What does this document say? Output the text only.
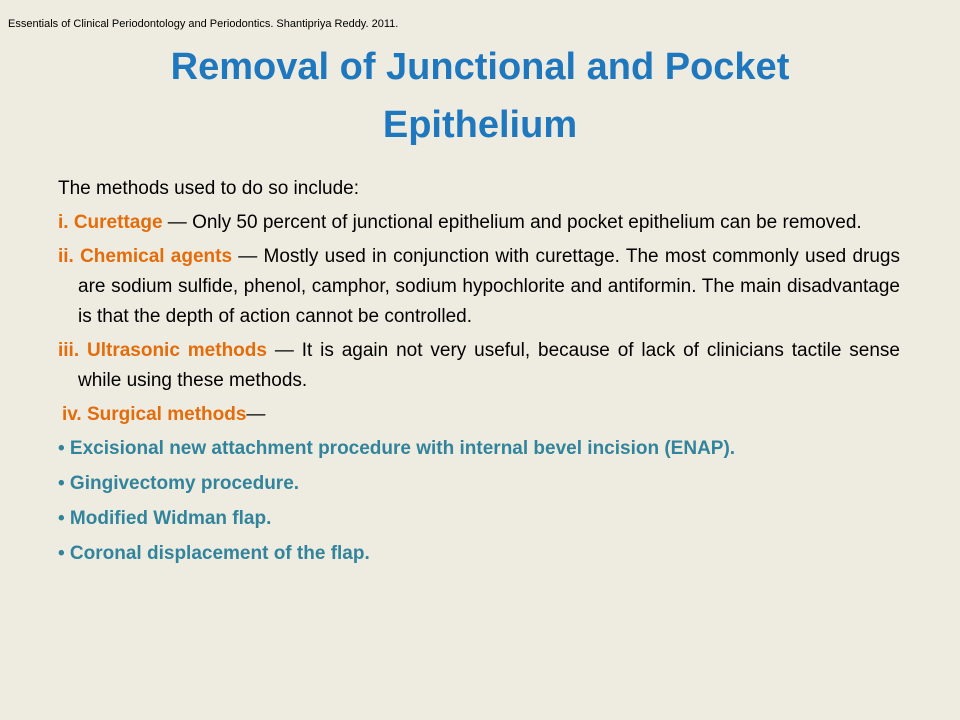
Essentials of Clinical Periodontology and Periodontics. Shantipriya Reddy. 2011.
Removal of Junctional and Pocket
Epithelium

The methods used to do so include:

i. Curettage — Only 50 percent of junctional epithelium and pocket epithelium can be removed.

ii. Chemical agents — Mostly used in conjunction with curettage. The most commonly used drugs are sodium sulfide, phenol, camphor, sodium hypochlorite and antiformin. The main disadvantage is that the depth of action cannot be controlled.

iii. Ultrasonic methods — It is again not very useful, because of lack of clinicians tactile sense while using these methods.

iv. Surgical methods—

• Excisional new attachment procedure with internal bevel incision (ENAP).

• Gingivectomy procedure.

• Modified Widman flap.

• Coronal displacement of the flap.
